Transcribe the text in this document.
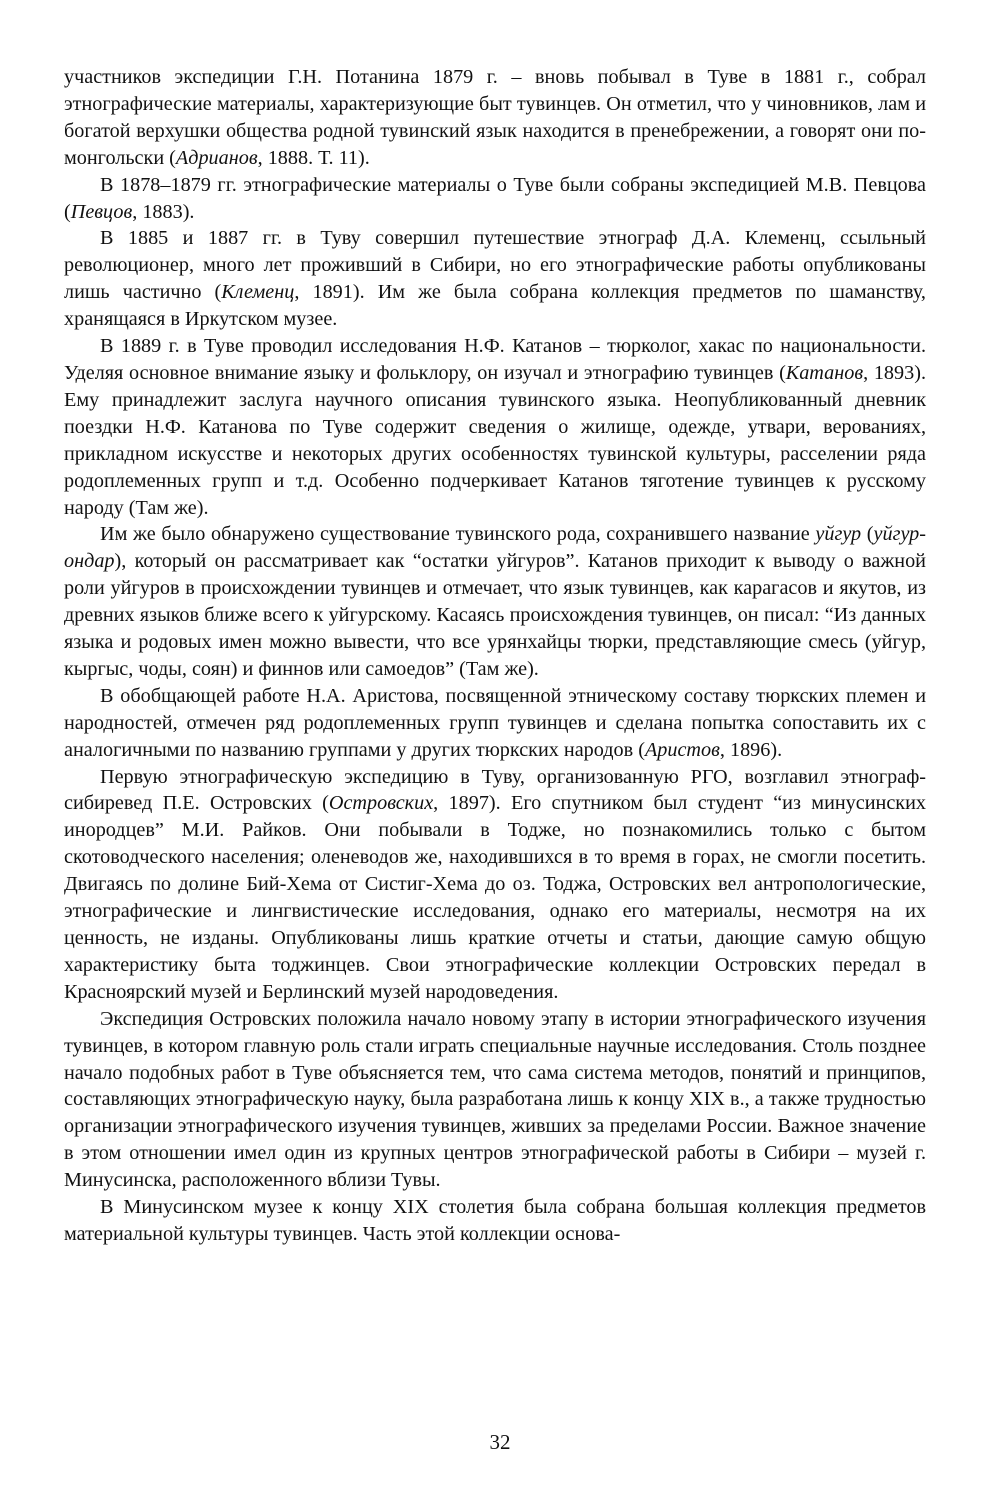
участников экспедиции Г.Н. Потанина 1879 г. – вновь побывал в Туве в 1881 г., собрал этнографические материалы, характеризующие быт тувинцев. Он отметил, что у чиновников, лам и богатой верхушки общества родной тувинский язык находится в пренебрежении, а говорят они по-монгольски (Адрианов, 1888. Т. 11).

В 1878–1879 гг. этнографические материалы о Туве были собраны экспедицией М.В. Певцова (Певцов, 1883).

В 1885 и 1887 гг. в Туву совершил путешествие этнограф Д.А. Клеменц, ссыльный революционер, много лет проживший в Сибири, но его этнографические работы опубликованы лишь частично (Клеменц, 1891). Им же была собрана коллекция предметов по шаманству, хранящаяся в Иркутском музее.

В 1889 г. в Туве проводил исследования Н.Ф. Катанов – тюрколог, хакас по национальности. Уделяя основное внимание языку и фольклору, он изучал и этнографию тувинцев (Катанов, 1893). Ему принадлежит заслуга научного описания тувинского языка. Неопубликованный дневник поездки Н.Ф. Катанова по Туве содержит сведения о жилище, одежде, утвари, верованиях, прикладном искусстве и некоторых других особенностях тувинской культуры, расселении ряда родоплеменных групп и т.д. Особенно подчеркивает Катанов тяготение тувинцев к русскому народу (Там же).

Им же было обнаружено существование тувинского рода, сохранившего название уйгур (уйгур-ондар), который он рассматривает как “остатки уйгуров”. Катанов приходит к выводу о важной роли уйгуров в происхождении тувинцев и отмечает, что язык тувинцев, как карагасов и якутов, из древних языков ближе всего к уйгурскому. Касаясь происхождения тувинцев, он писал: “Из данных языка и родовых имен можно вывести, что все урянхайцы тюрки, представляющие смесь (уйгур, кыргыс, чоды, соян) и финнов или самоедов” (Там же).

В обобщающей работе Н.А. Аристова, посвященной этническому составу тюркских племен и народностей, отмечен ряд родоплеменных групп тувинцев и сделана попытка сопоставить их с аналогичными по названию группами у других тюркских народов (Аристов, 1896).

Первую этнографическую экспедицию в Туву, организованную РГО, возглавил этнограф-сибиревед П.Е. Островских (Островских, 1897). Его спутником был студент “из минусинских инородцев” М.И. Райков. Они побывали в Тодже, но познакомились только с бытом скотоводческого населения; оленеводов же, находившихся в то время в горах, не смогли посетить. Двигаясь по долине Бий-Хема от Систиг-Хема до оз. Тоджа, Островских вел антропологические, этнографические и лингвистические исследования, однако его материалы, несмотря на их ценность, не изданы. Опубликованы лишь краткие отчеты и статьи, дающие самую общую характеристику быта тоджинцев. Свои этнографические коллекции Островских передал в Красноярский музей и Берлинский музей народоведения.

Экспедиция Островских положила начало новому этапу в истории этнографического изучения тувинцев, в котором главную роль стали играть специальные научные исследования. Столь позднее начало подобных работ в Туве объясняется тем, что сама система методов, понятий и принципов, составляющих этнографическую науку, была разработана лишь к концу XIX в., а также трудностью организации этнографического изучения тувинцев, живших за пределами России. Важное значение в этом отношении имел один из крупных центров этнографической работы в Сибири – музей г. Минусинска, расположенного вблизи Тувы.

В Минусинском музее к концу XIX столетия была собрана большая коллекция предметов материальной культуры тувинцев. Часть этой коллекции основа-

32
